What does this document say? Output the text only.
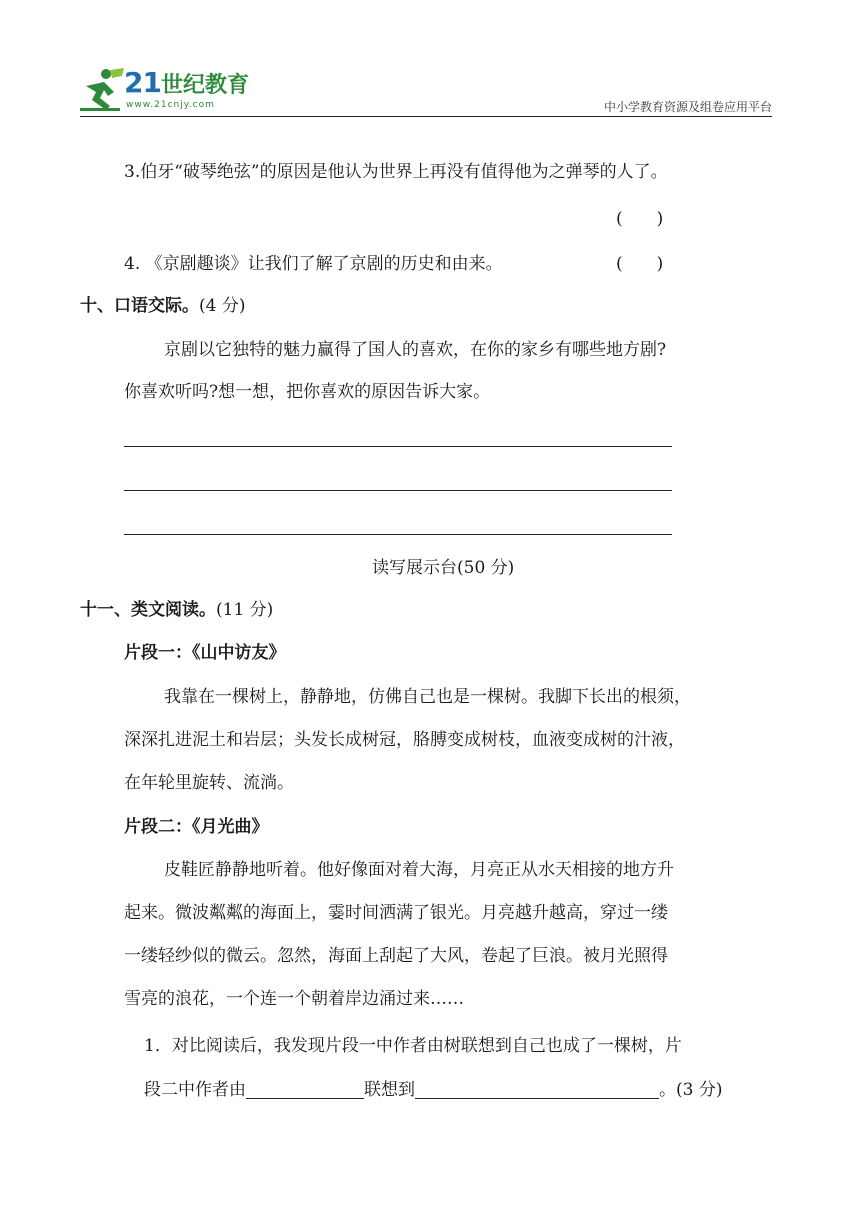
21世纪教育
www.21cnjy.com	中小学教育资源及组卷应用平台
3.伯牙“破琴绝弦”的原因是他认为世界上再没有值得他为之弹琴的人了。
(　　)
4. 《京剧趣谈》让我们了解了京剧的历史和由来。	(　　)
十、口语交际。(4 分)
京剧以它独特的魅力赢得了国人的喜欢，在你的家乡有哪些地方剧?
你喜欢听吗?想一想，把你喜欢的原因告诉大家。
读写展示台(50 分)
十一、类文阅读。(11 分)
片段一：《山中访友》
我靠在一棵树上，静静地，仿佛自己也是一棵树。我脚下长出的根须，
深深扎进泥土和岩层；头发长成树冠，胳膊变成树枝，血液变成树的汁液，
在年轮里旋转、流淌。
片段二：《月光曲》
皮鞋匠静静地听着。他好像面对着大海，月亮正从水天相接的地方升
起来。微波粼粼的海面上，霎时间洒满了银光。月亮越升越高，穿过一缕
一缕轻纱似的微云。忽然，海面上刮起了大风，卷起了巨浪。被月光照得
雪亮的浪花，一个连一个朝着岸边涌过来……
1．对比阅读后，我发现片段一中作者由树联想到自己也成了一棵树，片
段二中作者由	联想到	。(3 分)
